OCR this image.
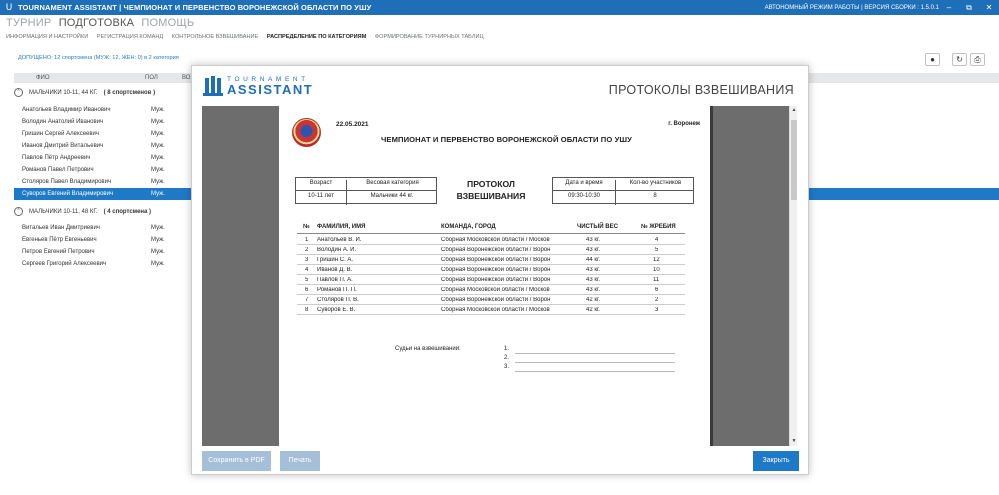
ᑌ TOURNAMENT ASSISTANT | ЧЕМПИОНАТ И ПЕРВЕНСТВО ВОРОНЕЖСКОЙ ОБЛАСТИ ПО УШУ	АВТОНОМНЫЙ РЕЖИМ РАБОТЫ | ВЕРСИЯ СБОРКИ : 1.5.0.1 –	⧉	✕
ТУРНИР ПОДГОТОВКА ПОМОЩЬ
ИНФОРМАЦИЯ И НАСТРОЙКИ РЕГИСТРАЦИЯ КОМАНД КОНТРОЛЬНОЕ ВЗВЕШИВАНИЕ РАСПРЕДЕЛЕНИЕ ПО КАТЕГОРИЯМ ФОРМИРОВАНИЕ ТУРНИРНЫХ ТАБЛИЦ
ДОПУЩЕНО: 12 спортсмена (МУЖ: 12, ЖЕН: 0) в 2 категория	●	↻	⎙
ФИО	ПОЛ	ВО
⌃	МАЛЬЧИКИ 10-11, 44 КГ. ( 8 спортсменов )
Анатольев Владимир Иванович	Муж.
Володин Анатолий Иванович	Муж.
Гришин Сергей Алексеевич	Муж.
Иванов Дмитрий Витальевич	Муж.
Павлов Пётр Андреевич	Муж.
Романов Павел Петрович	Муж.
Столяров Павел Владимирович	Муж.
Суворов Евгений Владимирович	Муж.
⌃	МАЛЬЧИКИ 10-11, 48 КГ. ( 4 спортсмена )
Витальев Иван Дмитриевич	Муж.
Евгеньев Пётр Евгеньевич	Муж.
Петров Евгений Петрович	Муж.
Сергеев Григорий Алексеевич	Муж.
TOURNAMENT
ASSISTANT	ПРОТОКОЛЫ ВЗВЕШИВАНИЯ
22.05.2021	г. Воронеж
ЧЕМПИОНАТ И ПЕРВЕНСТВО ВОРОНЕЖСКОЙ ОБЛАСТИ ПО УШУ
Возраст	Весовая категория
10-11 лет	Мальчики 44 кг.
ПРОТОКОЛ
ВЗВЕШИВАНИЯ
Дата и время	Кол-во участников
09:30-10:30	8
№ ФАМИЛИЯ, ИМЯ	КОМАНДА, ГОРОД	ЧИСТЫЙ ВЕС	№ ЖРЕБИЯ
1 Анатольев В. И.	Сборная Московской области / Москов	43 кг.	4
2 Володин А. И.	Сборная Воронежской области / Ворон	43 кг.	5
3 Гришин С. А.	Сборная Воронежской области / Ворон	44 кг.	12
4 Иванов Д. В.	Сборная Воронежской области / Ворон	43 кг.	10
5 Павлов П. А.	Сборная Воронежской области / Ворон	43 кг.	11
6 Романов П. П.	Сборная Московской области / Москов	43 кг.	6
7 Столяров П. В.	Сборная Воронежской области / Ворон	42 кг.	2
8 Суворов Е. В.	Сборная Московской области / Москов	42 кг.	3
Судьи на взвешивании:	1.
2.
3.
▲
▼
Сохранить в PDF	Печать	Закрыть
